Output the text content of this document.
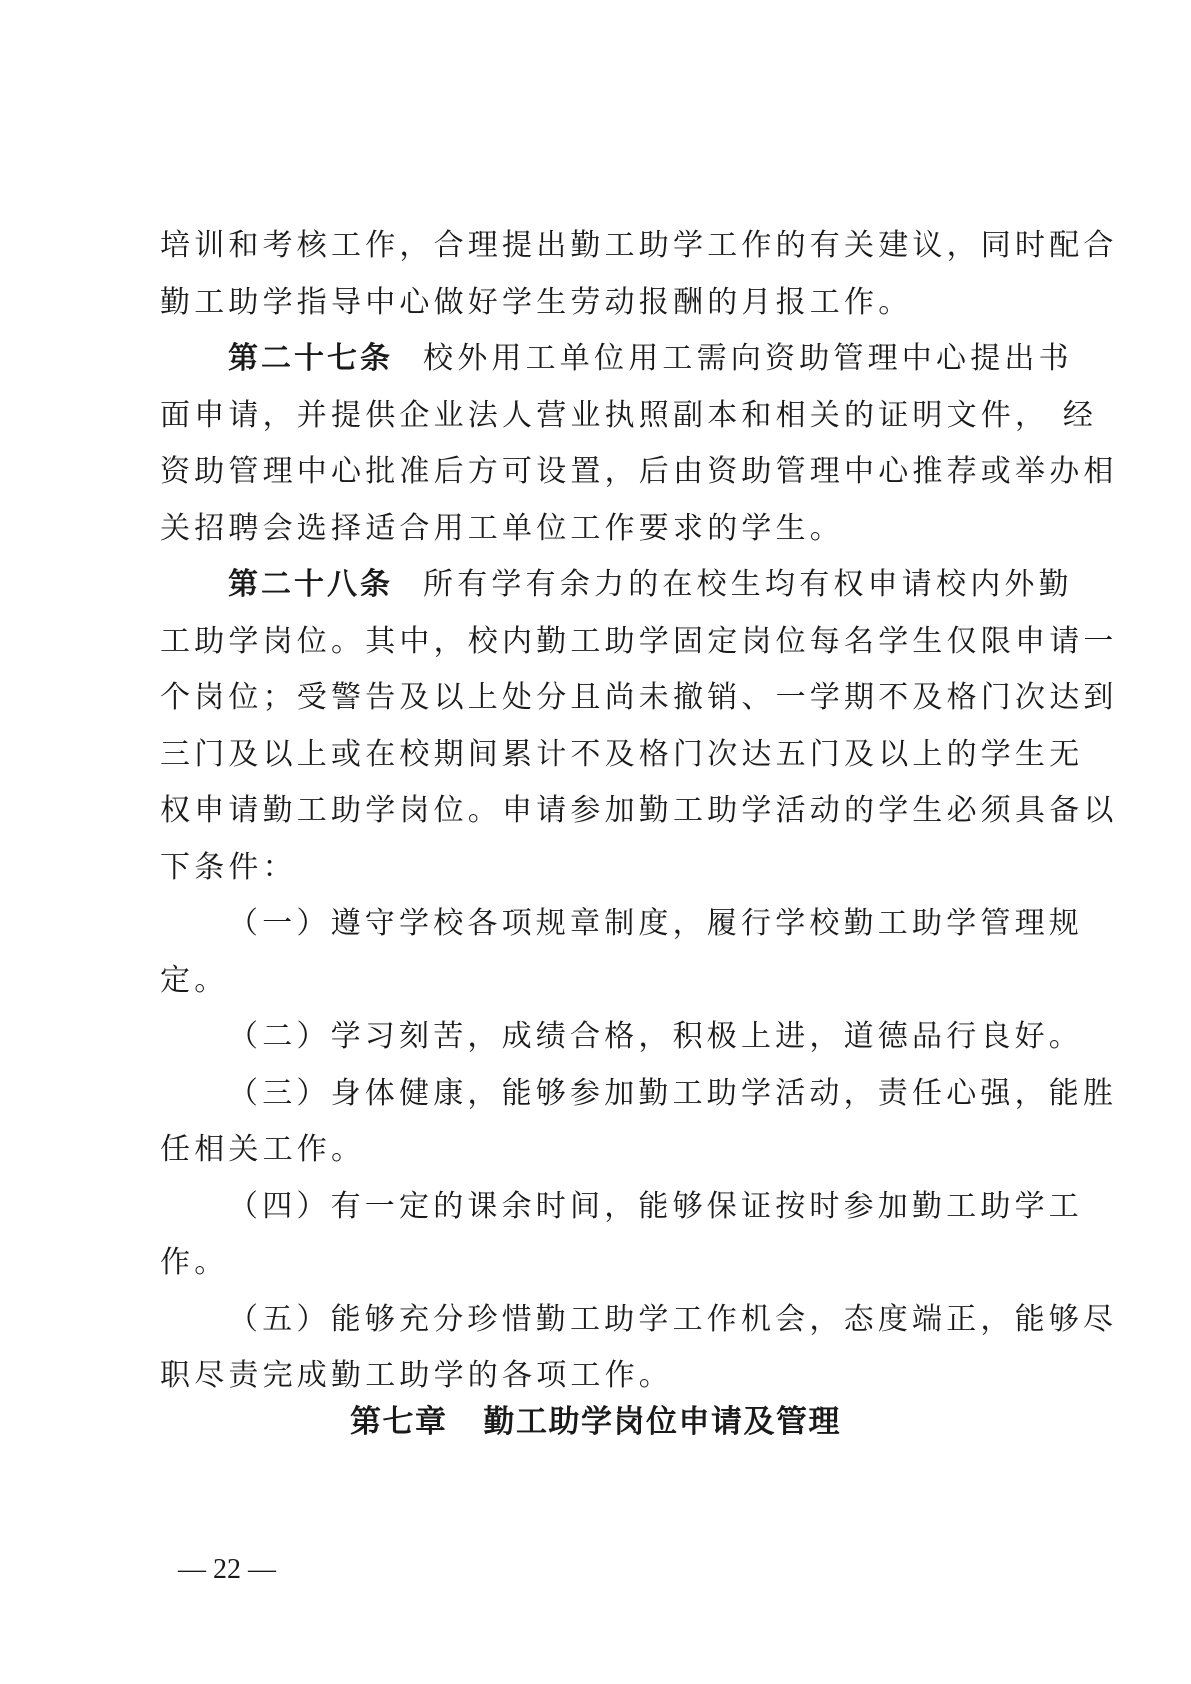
培训和考核工作，合理提出勤工助学工作的有关建议，同时配合
勤工助学指导中心做好学生劳动报酬的月报工作。
第二十七条 校外用工单位用工需向资助管理中心提出书
面申请，并提供企业法人营业执照副本和相关的证明文件， 经
资助管理中心批准后方可设置，后由资助管理中心推荐或举办相
关招聘会选择适合用工单位工作要求的学生。
第二十八条 所有学有余力的在校生均有权申请校内外勤
工助学岗位。其中，校内勤工助学固定岗位每名学生仅限申请一
个岗位；受警告及以上处分且尚未撤销、一学期不及格门次达到
三门及以上或在校期间累计不及格门次达五门及以上的学生无
权申请勤工助学岗位。申请参加勤工助学活动的学生必须具备以
下条件：
（一）遵守学校各项规章制度，履行学校勤工助学管理规
定。
（二）学习刻苦，成绩合格，积极上进，道德品行良好。
（三）身体健康，能够参加勤工助学活动，责任心强，能胜
任相关工作。
（四）有一定的课余时间，能够保证按时参加勤工助学工
作。
（五）能够充分珍惜勤工助学工作机会，态度端正，能够尽
职尽责完成勤工助学的各项工作。
第七章 勤工助学岗位申请及管理
— 22 —
